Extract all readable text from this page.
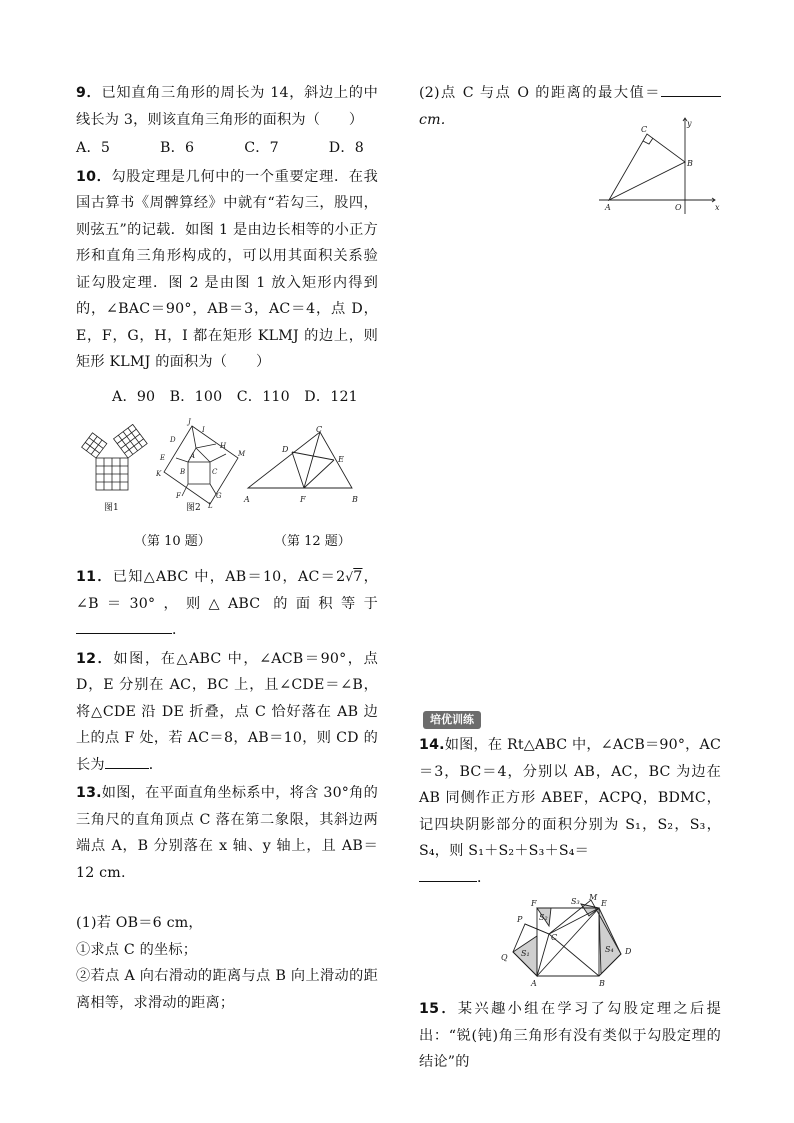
9．已知直角三角形的周长为 14，斜边上的中线长为 3，则该直角三角形的面积为（　　）

A．5	B．6	C．7	D．8

10．勾股定理是几何中的一个重要定理．在我国古算书《周髀算经》中就有“若勾三，股四，则弦五”的记载．如图 1 是由边长相等的小正方形和直角三角形构成的，可以用其面积关系验证勾股定理．图 2 是由图 1 放入矩形内得到的，∠BAC＝90°，AB＝3，AC＝4，点 D，E，F，G，H，I 都在矩形 KLMJ 的边上，则矩形 KLMJ 的面积为（　　）

A．90　B．100　C．110　D．121

图1
J
I
D
H
M
E	A
K	B	C
F	G
L
图2
C
D
E
A	F	B
（第 10 题）	（第 12 题）

11．已知△ABC 中，AB＝10，AC＝2√7，∠B＝30°，则△ABC 的面积等于．

12．如图，在△ABC 中，∠ACB＝90°，点 D，E 分别在 AC，BC 上，且∠CDE＝∠B，将△CDE 沿 DE 折叠，点 C 恰好落在 AB 边上的点 F 处，若 AC＝8，AB＝10，则 CD 的长为	．

13.如图，在平面直角坐标系中，将含 30°角的三角尺的直角顶点 C 落在第二象限，其斜边两端点 A，B 分别落在 x 轴、y 轴上，且 AB＝12 cm.

(1)若 OB＝6 cm，

①求点 C 的坐标；

②若点 A 向右滑动的距离与点 B 向上滑动的距离相等，求滑动的距离；

(2)点 C 与点 O 的距离的最大值＝cm.

C
y
B
A	O	x
培优训练

14.如图，在 Rt△ABC 中，∠ACB＝90°，AC＝3，BC＝4，分别以 AB，AC，BC 为边在 AB 同侧作正方形 ABEF，ACPQ，BDMC，记四块阴影部分的面积分别为 S₁，S₂，S₃，S₄，则 S₁＋S₂＋S₃＋S₄＝

．

F	S₃ M
E
P S₂
C
S₁	S₄ D
Q
A	B

15．某兴趣小组在学习了勾股定理之后提出：“锐(钝)角三角形有没有类似于勾股定理的结论”的
